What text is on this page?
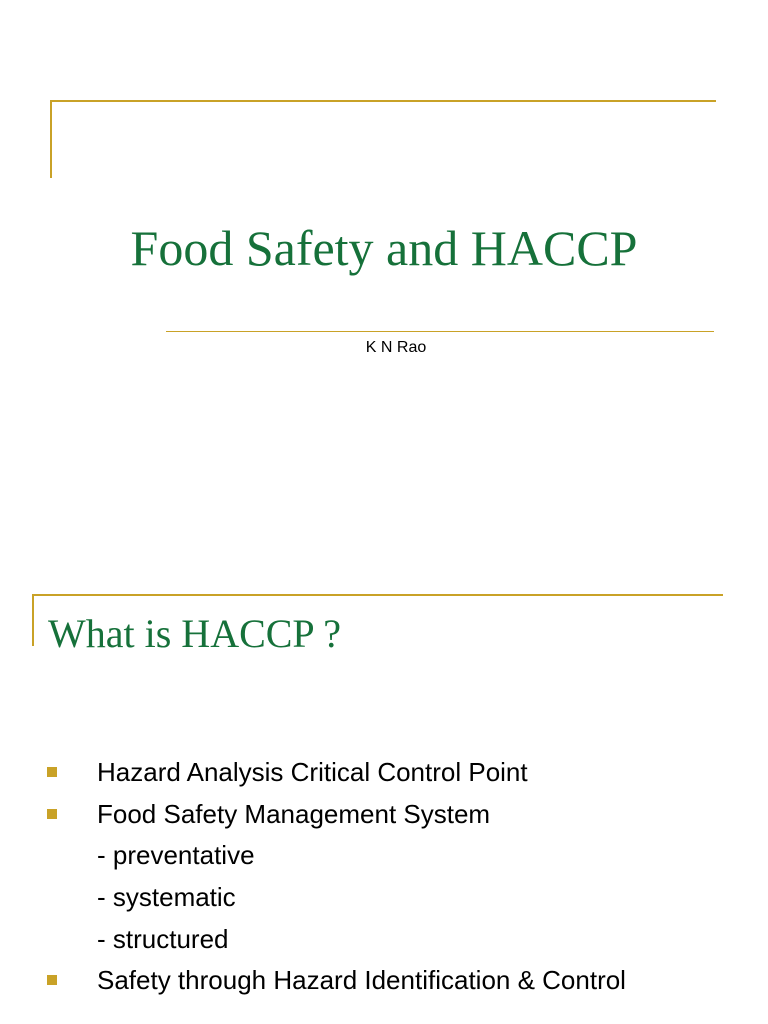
Food Safety and HACCP
K N Rao
What is HACCP ?
Hazard Analysis Critical Control Point
Food Safety Management System
- preventative
- systematic
- structured
Safety through Hazard Identification & Control
